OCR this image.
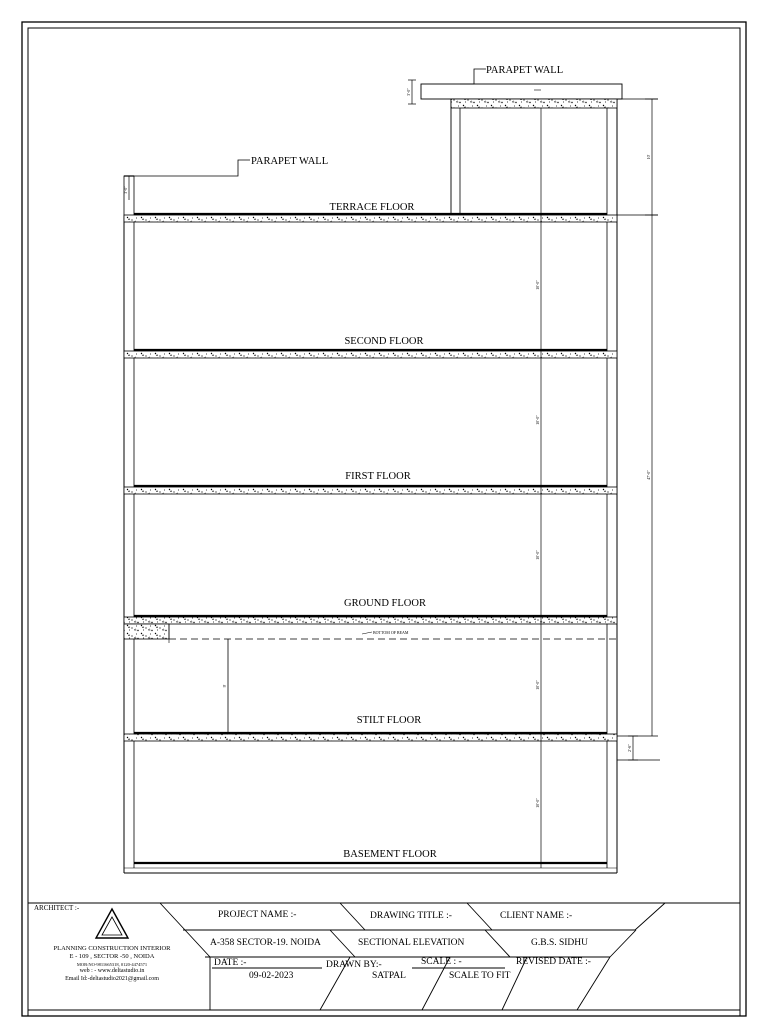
PARAPET WALL
PARAPET WALL
TERRACE FLOOR
SECOND FLOOR
FIRST FLOOR
GROUND FLOOR
STILT FLOOR
BASEMENT FLOOR
BOTTOM OF BEAM
3'-0"
3'-0"
10'
47'-0"
10'-0"
10'-0"
10'-0"
10'-0"
10'-0"
2'-6"
9'
ARCHITECT :-
PLANNING CONSTRUCTION INTERIOR
E - 109 , SECTOR -50 , NOIDA
MOB:NO-9811665318, 0120-4474571
web : - www.deltastudio.in
Email Id:-deltastudio2021@gmail.com
PROJECT NAME :-
A-358 SECTOR-19. NOIDA
DRAWING TITLE :-
SECTIONAL ELEVATION
CLIENT NAME :-
G.B.S. SIDHU
DATE :-
09-02-2023
DRAWN BY:-
SATPAL
SCALE : -
SCALE TO FIT
REVISED DATE :-
